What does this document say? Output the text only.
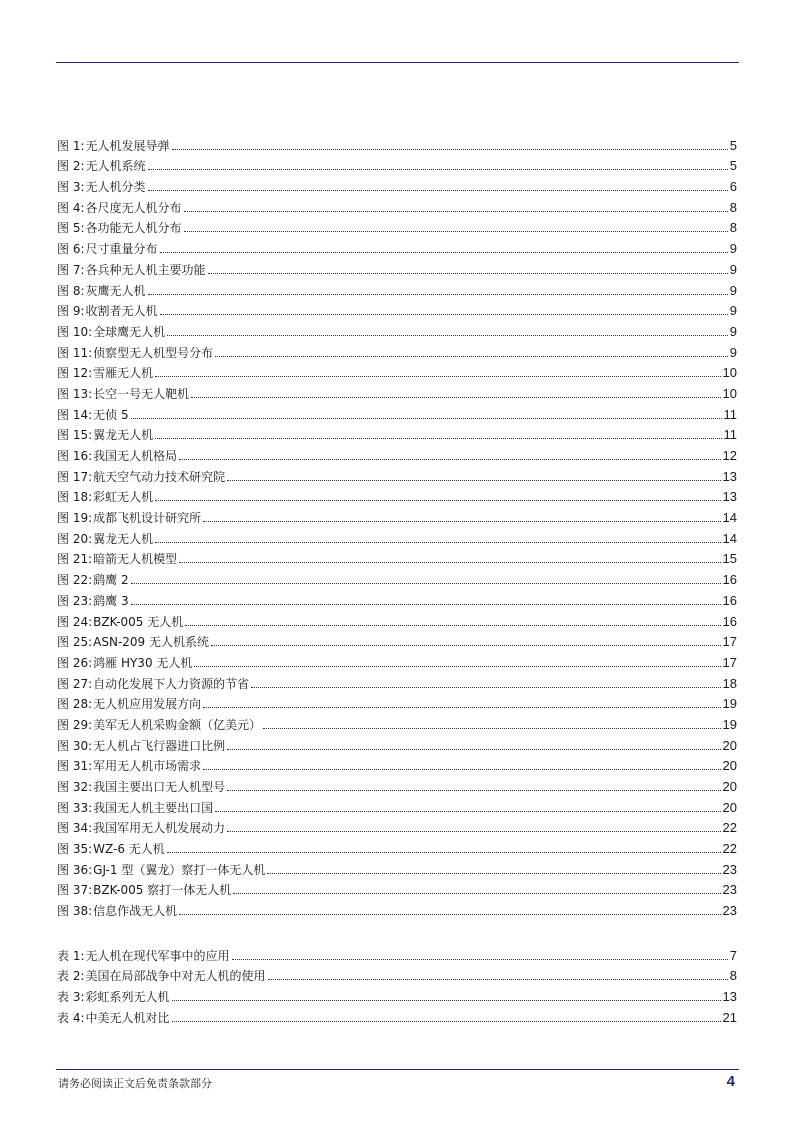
图 1: 无人机发展导弹	5
图 2: 无人机系统	5
图 3: 无人机分类	6
图 4: 各尺度无人机分布	8
图 5: 各功能无人机分布	8
图 6: 尺寸重量分布	9
图 7: 各兵种无人机主要功能	9
图 8: 灰鹰无人机	9
图 9: 收割者无人机	9
图 10: 全球鹰无人机	9
图 11: 侦察型无人机型号分布	9
图 12: 雪雁无人机	10
图 13: 长空一号无人靶机	10
图 14: 无侦 5	11
图 15: 翼龙无人机	11
图 16: 我国无人机格局	12
图 17: 航天空气动力技术研究院	13
图 18: 彩虹无人机	13
图 19: 成都飞机设计研究所	14
图 20: 翼龙无人机	14
图 21: 暗箭无人机模型	15
图 22: 鹞鹰 2	16
图 23: 鹞鹰 3	16
图 24: BZK-005 无人机	16
图 25: ASN-209 无人机系统	17
图 26: 鸿雁 HY30 无人机	17
图 27: 自动化发展下人力资源的节省	18
图 28: 无人机应用发展方向	19
图 29: 美军无人机采购金额（亿美元）	19
图 30: 无人机占飞行器进口比例	20
图 31: 军用无人机市场需求	20
图 32: 我国主要出口无人机型号	20
图 33: 我国无人机主要出口国	20
图 34: 我国军用无人机发展动力	22
图 35: WZ-6 无人机	22
图 36: GJ-1 型（翼龙）察打一体无人机	23
图 37: BZK-005 察打一体无人机	23
图 38: 信息作战无人机	23
表 1: 无人机在现代军事中的应用	7
表 2: 美国在局部战争中对无人机的使用	8
表 3: 彩虹系列无人机	13
表 4: 中美无人机对比	21
请务必阅读正文后免责条款部分	4
